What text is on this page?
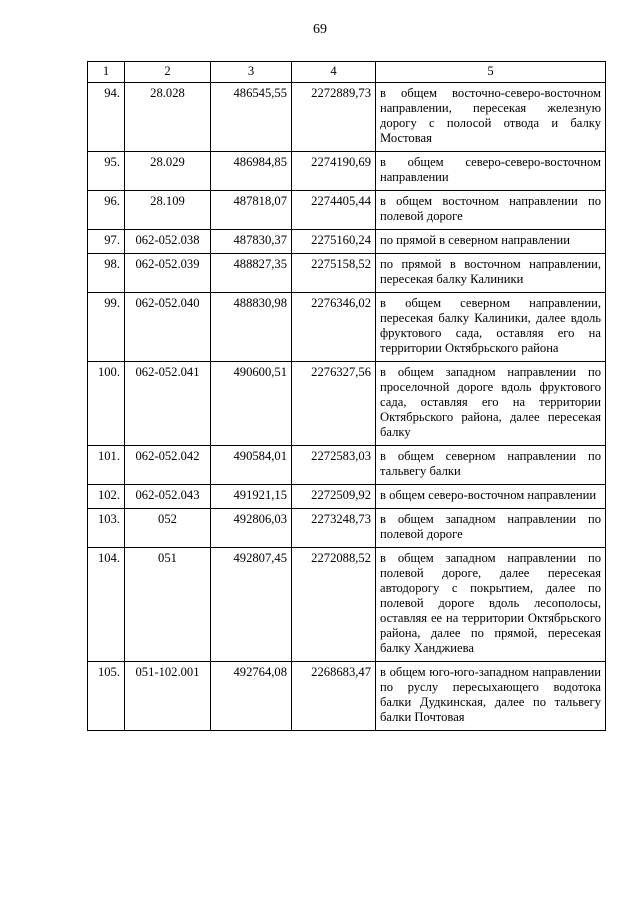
69
1	2	3	4	5
94.	28.028	486545,55	2272889,73	в общем восточно-северо-восточном направлении, пересекая железную дорогу с полосой отвода и балку Мостовая
95.	28.029	486984,85	2274190,69	в общем северо-северо-восточном направлении
96.	28.109	487818,07	2274405,44	в общем восточном направлении по полевой дороге
97.	062-052.038	487830,37	2275160,24	по прямой в северном направлении
98.	062-052.039	488827,35	2275158,52	по прямой в восточном направлении, пересекая балку Калиники
99.	062-052.040	488830,98	2276346,02	в общем северном направлении, пересекая балку Калиники, далее вдоль фруктового сада, оставляя его на территории Октябрьского района
100.	062-052.041	490600,51	2276327,56	в общем западном направлении по проселочной дороге вдоль фруктового сада, оставляя его на территории Октябрьского района, далее пересекая балку
101.	062-052.042	490584,01	2272583,03	в общем северном направлении по тальвегу балки
102.	062-052.043	491921,15	2272509,92	в общем северо-восточном направлении
103.	052	492806,03	2273248,73	в общем западном направлении по полевой дороге
104.	051	492807,45	2272088,52	в общем западном направлении по полевой дороге, далее пересекая автодорогу с покрытием, далее по полевой дороге вдоль лесополосы, оставляя ее на территории Октябрьского района, далее по прямой, пересекая балку Ханджиева
105.	051-102.001	492764,08	2268683,47	в общем юго-юго-западном направлении по руслу пересыхающего водотока балки Дудкинская, далее по тальвегу балки Почтовая
